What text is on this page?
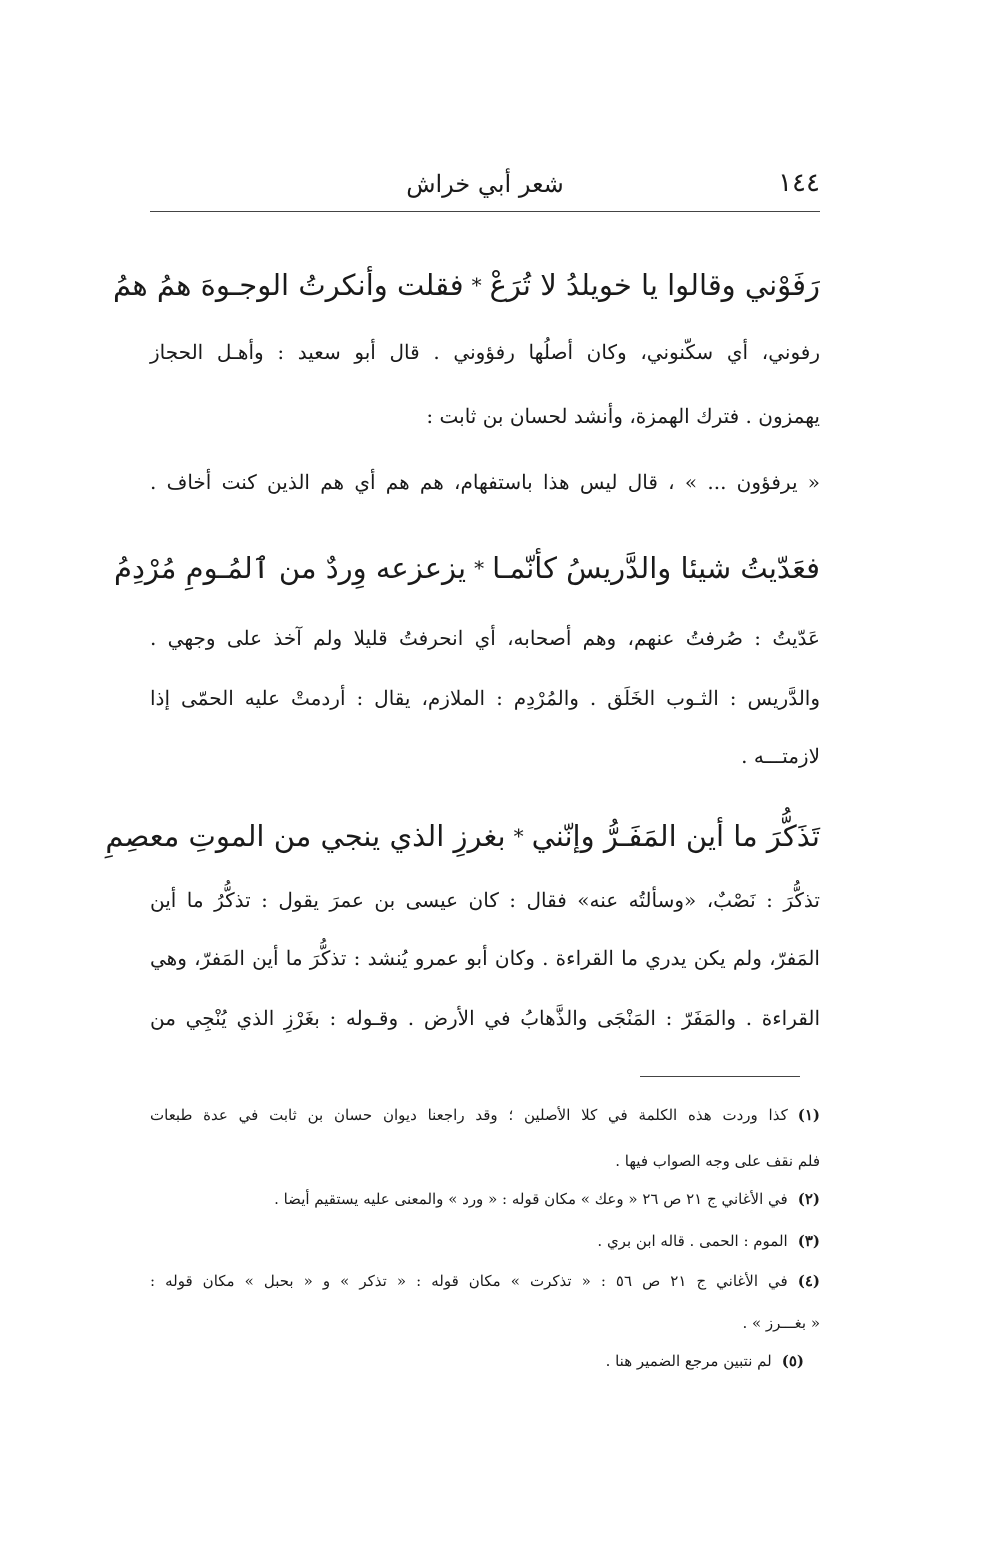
١٤٤
شعر أبي خراش
رَفَوْني وقالوا يا خويلدُ لا تُرَعْ
*
فقلت وأنكرتُ الوجـوهَ همُ همُ
رفوني، أي سكّنوني، وكان أصلُها رفؤوني . قال أبو سعيد : وأهـل الحجاز
يهمزون . فترك الهمزة، وأنشد لحسان بن ثابت :
« يرفؤون ... » ، قال ليس هذا باستفهام، هم هم أي هم الذين كنت أخاف .
فعَدّيتُ شيئا والدَّريسُ كأنّمـا
*
يزعزعه وِردٌ من ٱلمُـومِ مُرْدِمُ
عَدّيتُ : صُرفتُ عنهم، وهم أصحابه، أي انحرفتُ قليلا ولم آخذ على وجهي .
والدَّريس : الثـوب الخَلَق . والمُرْدِم : الملازم، يقال : أردمتْ عليه الحمّى إذا
لازمتـــه .
تَذَكُّرَ ما أين المَفَـرُّ وإنّني
*
بغرزِ الذي ينجي من الموتِ معصِمِ
تذكُّرَ : نَصْبٌ، «وسألتُه عنه» فقال : كان عيسى بن عمرَ يقول : تذكُّرُ ما أين
المَفرّ، ولم يكن يدري ما القراءة . وكان أبو عمرو يُنشد : تذكُّرَ ما أين المَفرّ، وهي
القراءة . والمَفَرّ : المَنْجَى والذَّهابُ في الأرض . وقـوله : بغَرْزِ الذي يُنْجِي من
(١)كذا وردت هذه الكلمة في كلا الأصلين ؛ وقد راجعنا ديوان حسان بن ثابت في عدة طبعات
فلم نقف على وجه الصواب فيها .
(٢)في الأغاني ج ٢١ ص ٢٦ « وعك » مكان قوله : « ورد » والمعنى عليه يستقيم أيضا .
(٣)الموم : الحمى . قاله ابن بري .
(٤)في الأغاني ج ٢١ ص ٥٦ : « تذكرت » مكان قوله : « تذكر » و « بحبل » مكان قوله :
« بغـــرز » .
(٥)لم نتبين مرجع الضمير هنا .
